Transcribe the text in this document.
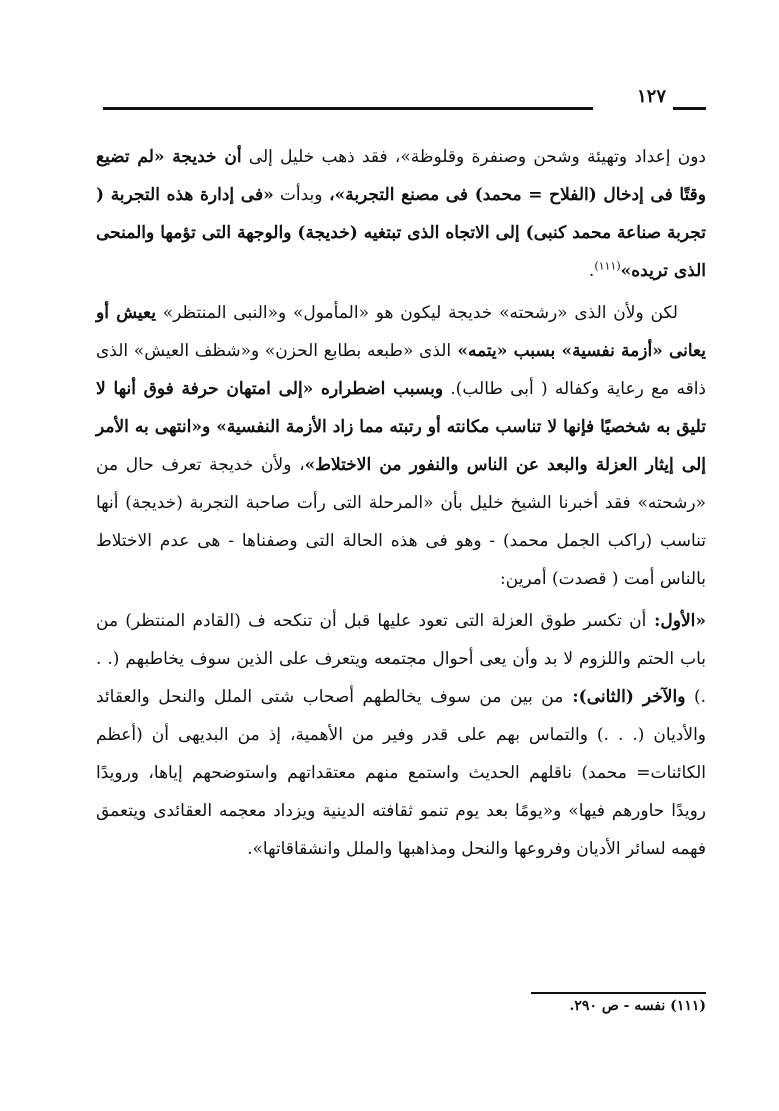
١٢٧

دون إعداد وتهيئة وشحن وصنفرة وقلوظة»، فقد ذهب خليل إلى أن خديجة «لم تضيع وقتًا فى إدخال (الفلاح = محمد) فى مصنع التجربة»، وبدأت «فى إدارة هذه التجربة ( تجربة صناعة محمد كنبى) إلى الاتجاه الذى تبتغيه (خديجة) والوجهة التى تؤمها والمنحى الذى تريده»$^{(١١١)}$.

لكن ولأن الذى «رشحته» خديجة ليكون هو «المأمول» و«النبى المنتظر» يعيش أو يعانى «أزمة نفسية» بسبب «يتمه» الذى «طبعه بطابع الحزن» و«شظف العيش» الذى ذاقه مع رعاية وكفاله ( أبى طالب). وبسبب اضطراره «إلى امتهان حرفة فوق أنها لا تليق به شخصيًا فإنها لا تناسب مكانته أو رتبته مما زاد الأزمة النفسية» و«انتهى به الأمر إلى إيثار العزلة والبعد عن الناس والنفور من الاختلاط»، ولأن خديجة تعرف حال من «رشحته» فقد أخبرنا الشيخ خليل بأن «المرحلة التى رأت صاحبة التجربة (خديجة) أنها تناسب (راكب الجمل محمد) - وهو فى هذه الحالة التى وصفناها - هى عدم الاختلاط بالناس أمت ( قصدت) أمرين:

«الأول: أن تكسر طوق العزلة التى تعود عليها قبل أن تنكحه ف (القادم المنتظر) من باب الحتم واللزوم لا بد وأن يعى أحوال مجتمعه ويتعرف على الذين سوف يخاطبهم (. . .) والآخر (الثانى): من بين من سوف يخالطهم أصحاب شتى الملل والنحل والعقائد والأديان (. . .) والتماس بهم على قدر وفير من الأهمية، إذ من البديهى أن (أعظم الكائنات= محمد) ناقلهم الحديث واستمع منهم معتقداتهم واستوضحهم إياها، ورويدًا رويدًا حاورهم فيها» و«يومًا بعد يوم تنمو ثقافته الدينية ويزداد معجمه العقائدى ويتعمق فهمه لسائر الأديان وفروعها والنحل ومذاهبها والملل وانشقاقاتها».

(١١١) نفسه - ص ٢٩٠.
